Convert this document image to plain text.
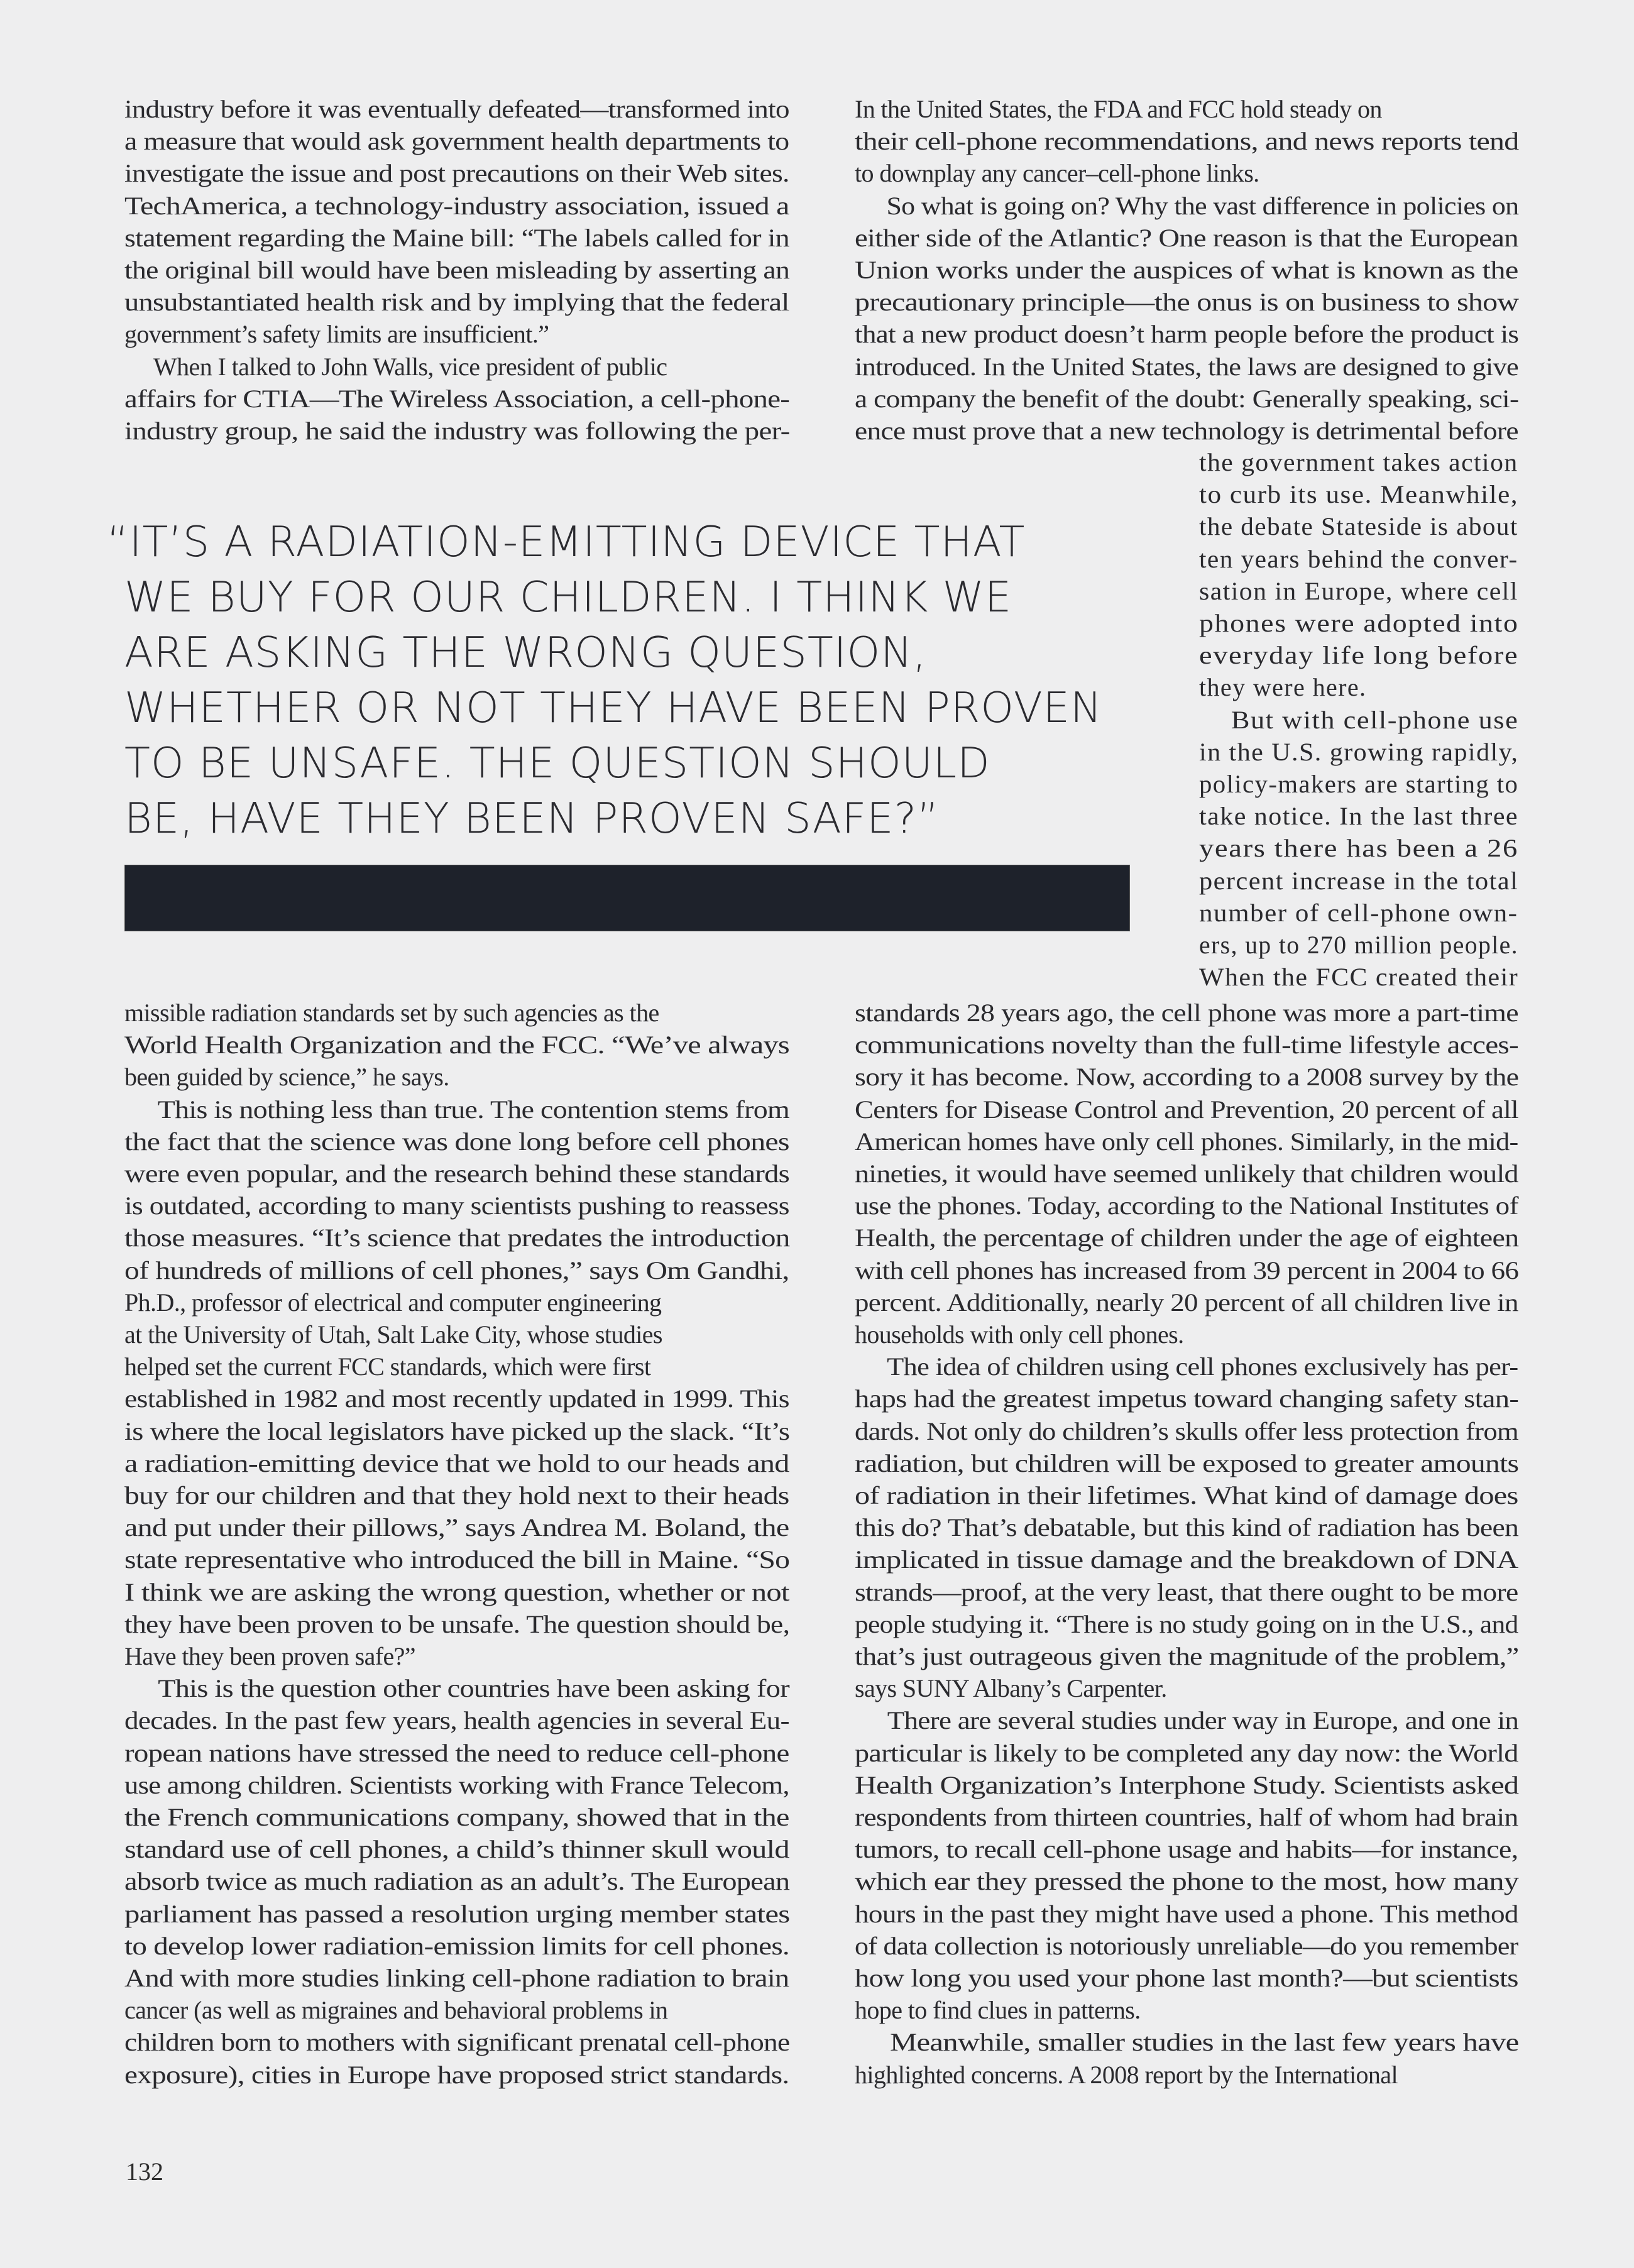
industry before it was eventually defeated—transformed into
a measure that would ask government health departments to
investigate the issue and post precautions on their Web sites.
TechAmerica, a technology-industry association, issued a
statement regarding the Maine bill: “The labels called for in
the original bill would have been misleading by asserting an
unsubstantiated health risk and by implying that the federal
government’s safety limits are insufficient.”
When I talked to John Walls, vice president of public
affairs for CTIA—The Wireless Association, a cell-phone-
industry group, he said the industry was following the per-
In the United States, the FDA and FCC hold steady on
their cell-phone recommendations, and news reports tend
to downplay any cancer–cell-phone links.
So what is going on? Why the vast difference in policies on
either side of the Atlantic? One reason is that the European
Union works under the auspices of what is known as the
precautionary principle—the onus is on business to show
that a new product doesn’t harm people before the product is
introduced. In the United States, the laws are designed to give
a company the benefit of the doubt: Generally speaking, sci-
ence must prove that a new technology is detrimental before
the government takes action
to curb its use. Meanwhile,
the debate Stateside is about
ten years behind the conver-
sation in Europe, where cell
phones were adopted into
everyday life long before
they were here.
But with cell-phone use
in the U.S. growing rapidly,
policy-makers are starting to
take notice. In the last three
years there has been a 26
percent increase in the total
number of cell-phone own-
ers, up to 270 million people.
When the FCC created their
“IT’S A RADIATION-EMITTING DEVICE THAT
WE BUY FOR OUR CHILDREN. I THINK WE
ARE ASKING THE WRONG QUESTION,
WHETHER OR NOT THEY HAVE BEEN PROVEN
TO BE UNSAFE. THE QUESTION SHOULD
BE, HAVE THEY BEEN PROVEN SAFE?”
missible radiation standards set by such agencies as the
World Health Organization and the FCC. “We’ve always
been guided by science,” he says.
This is nothing less than true. The contention stems from
the fact that the science was done long before cell phones
were even popular, and the research behind these standards
is outdated, according to many scientists pushing to reassess
those measures. “It’s science that predates the introduction
of hundreds of millions of cell phones,” says Om Gandhi,
Ph.D., professor of electrical and computer engineering
at the University of Utah, Salt Lake City, whose studies
helped set the current FCC standards, which were first
established in 1982 and most recently updated in 1999. This
is where the local legislators have picked up the slack. “It’s
a radiation-emitting device that we hold to our heads and
buy for our children and that they hold next to their heads
and put under their pillows,” says Andrea M. Boland, the
state representative who introduced the bill in Maine. “So
I think we are asking the wrong question, whether or not
they have been proven to be unsafe. The question should be,
Have they been proven safe?”
This is the question other countries have been asking for
decades. In the past few years, health agencies in several Eu-
ropean nations have stressed the need to reduce cell-phone
use among children. Scientists working with France Telecom,
the French communications company, showed that in the
standard use of cell phones, a child’s thinner skull would
absorb twice as much radiation as an adult’s. The European
parliament has passed a resolution urging member states
to develop lower radiation-emission limits for cell phones.
And with more studies linking cell-phone radiation to brain
cancer (as well as migraines and behavioral problems in
children born to mothers with significant prenatal cell-phone
exposure), cities in Europe have proposed strict standards.
standards 28 years ago, the cell phone was more a part-time
communications novelty than the full-time lifestyle acces-
sory it has become. Now, according to a 2008 survey by the
Centers for Disease Control and Prevention, 20 percent of all
American homes have only cell phones. Similarly, in the mid-
nineties, it would have seemed unlikely that children would
use the phones. Today, according to the National Institutes of
Health, the percentage of children under the age of eighteen
with cell phones has increased from 39 percent in 2004 to 66
percent. Additionally, nearly 20 percent of all children live in
households with only cell phones.
The idea of children using cell phones exclusively has per-
haps had the greatest impetus toward changing safety stan-
dards. Not only do children’s skulls offer less protection from
radiation, but children will be exposed to greater amounts
of radiation in their lifetimes. What kind of damage does
this do? That’s debatable, but this kind of radiation has been
implicated in tissue damage and the breakdown of DNA
strands—proof, at the very least, that there ought to be more
people studying it. “There is no study going on in the U.S., and
that’s just outrageous given the magnitude of the problem,”
says SUNY Albany’s Carpenter.
There are several studies under way in Europe, and one in
particular is likely to be completed any day now: the World
Health Organization’s Interphone Study. Scientists asked
respondents from thirteen countries, half of whom had brain
tumors, to recall cell-phone usage and habits—for instance,
which ear they pressed the phone to the most, how many
hours in the past they might have used a phone. This method
of data collection is notoriously unreliable—do you remember
how long you used your phone last month?—but scientists
hope to find clues in patterns.
Meanwhile, smaller studies in the last few years have
highlighted concerns. A 2008 report by the International
132
